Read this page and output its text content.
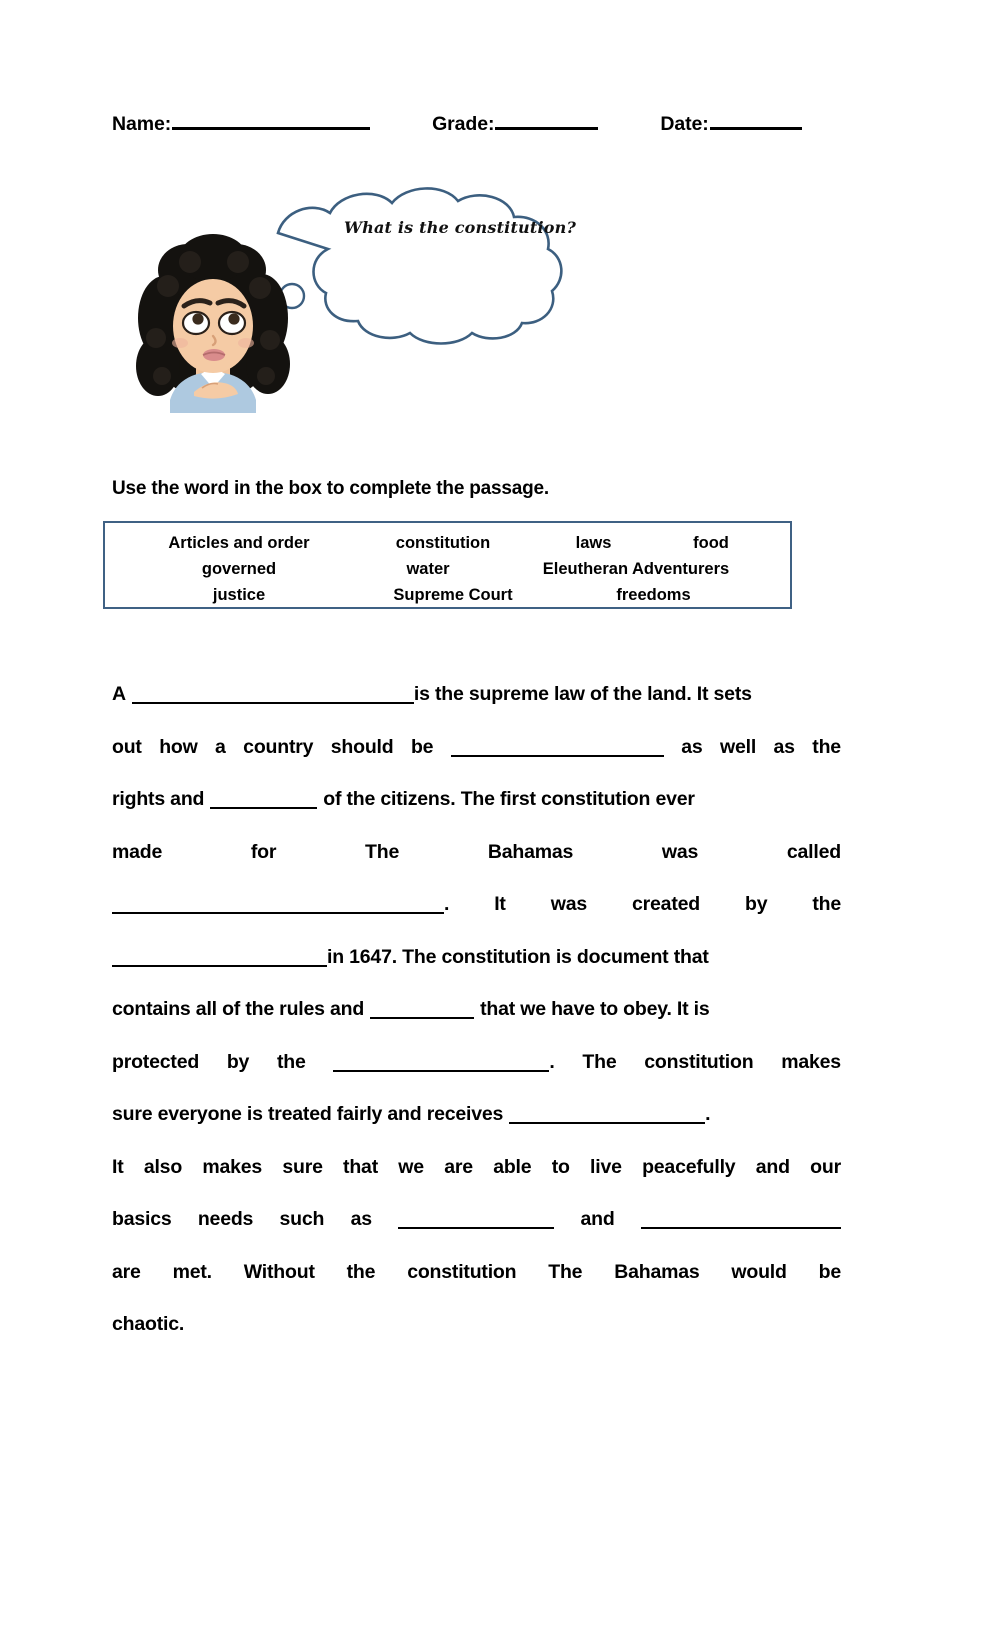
Name:	Grade:	Date:
What is the constitution?
Use the word in the box to complete the passage.
Articles and order	constitution	laws	food
governed	water	Eleutheran Adventurers
justice	Supreme Court	freedoms
A	is the supreme law of the land. It sets
out how a country should be	as well as the
rights and	of the citizens. The first constitution ever
made	for	The	Bahamas	was	called
. It was created by the
in 1647. The constitution is document that
contains all of the rules and	that we have to obey. It is
protected by the	. The constitution makes
sure everyone is treated fairly and receives	.
It also makes sure that we are able to live peacefully and our
basics needs such as	and
are met. Without the constitution The Bahamas would be
chaotic.
